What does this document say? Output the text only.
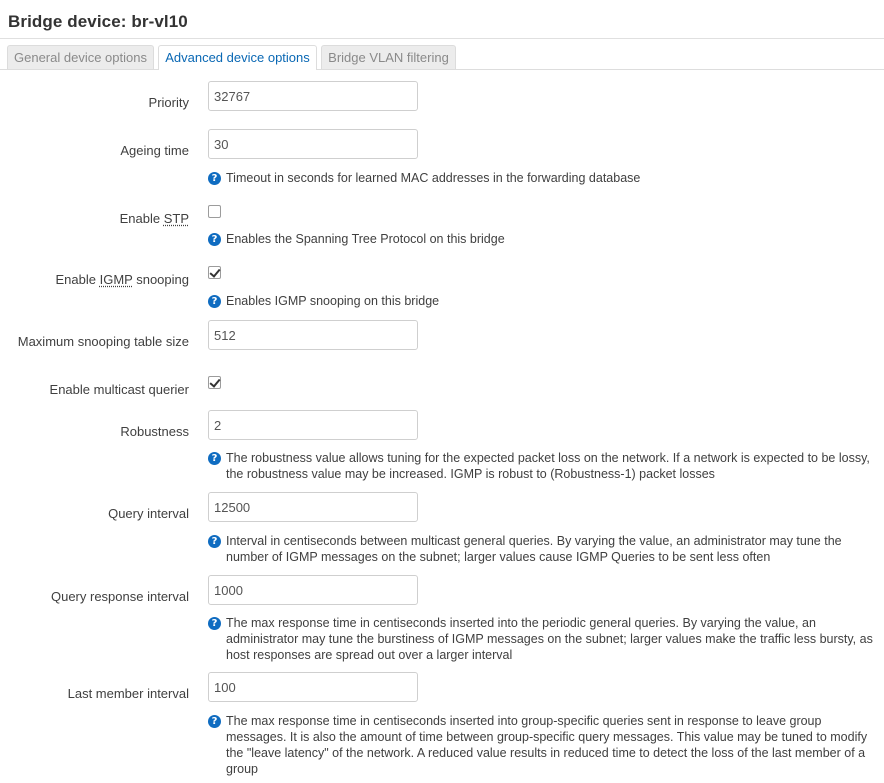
Bridge device: br-vl10
General device options	Advanced device options	Bridge VLAN filtering
Priority
32767
Ageing time
30
? Timeout in seconds for learned MAC addresses in the forwarding database
Enable STP
? Enables the Spanning Tree Protocol on this bridge
Enable IGMP snooping
? Enables IGMP snooping on this bridge
Maximum snooping table size
512
Enable multicast querier
Robustness
2
? The robustness value allows tuning for the expected packet loss on the network. If a network is expected to be lossy, the robustness value may be increased. IGMP is robust to (Robustness-1) packet losses
Query interval
12500
? Interval in centiseconds between multicast general queries. By varying the value, an administrator may tune the number of IGMP messages on the subnet; larger values cause IGMP Queries to be sent less often
Query response interval
1000
? The max response time in centiseconds inserted into the periodic general queries. By varying the value, an administrator may tune the burstiness of IGMP messages on the subnet; larger values make the traffic less bursty, as host responses are spread out over a larger interval
Last member interval
100
? The max response time in centiseconds inserted into group-specific queries sent in response to leave group messages. It is also the amount of time between group-specific query messages. This value may be tuned to modify the "leave latency" of the network. A reduced value results in reduced time to detect the loss of the last member of a group
